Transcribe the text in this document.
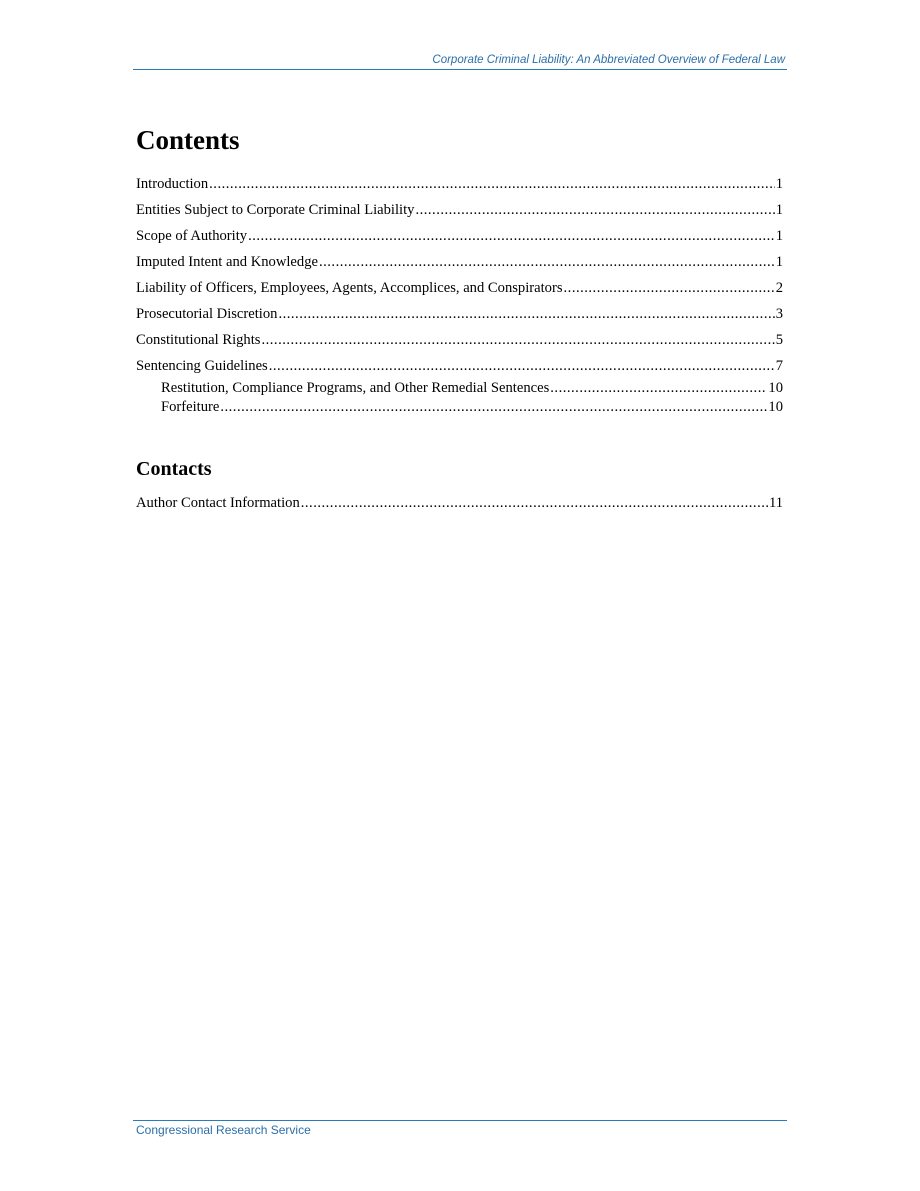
Corporate Criminal Liability: An Abbreviated Overview of Federal Law
Contents
Introduction .....	1
Entities Subject to Corporate Criminal Liability .....	1
Scope of Authority .....	1
Imputed Intent and Knowledge .....	1
Liability of Officers, Employees, Agents, Accomplices, and Conspirators .....	2
Prosecutorial Discretion .....	3
Constitutional Rights .....	5
Sentencing Guidelines .....	7
Restitution, Compliance Programs, and Other Remedial Sentences .....	10
Forfeiture .....	10
Contacts
Author Contact Information .....	11
Congressional Research Service
